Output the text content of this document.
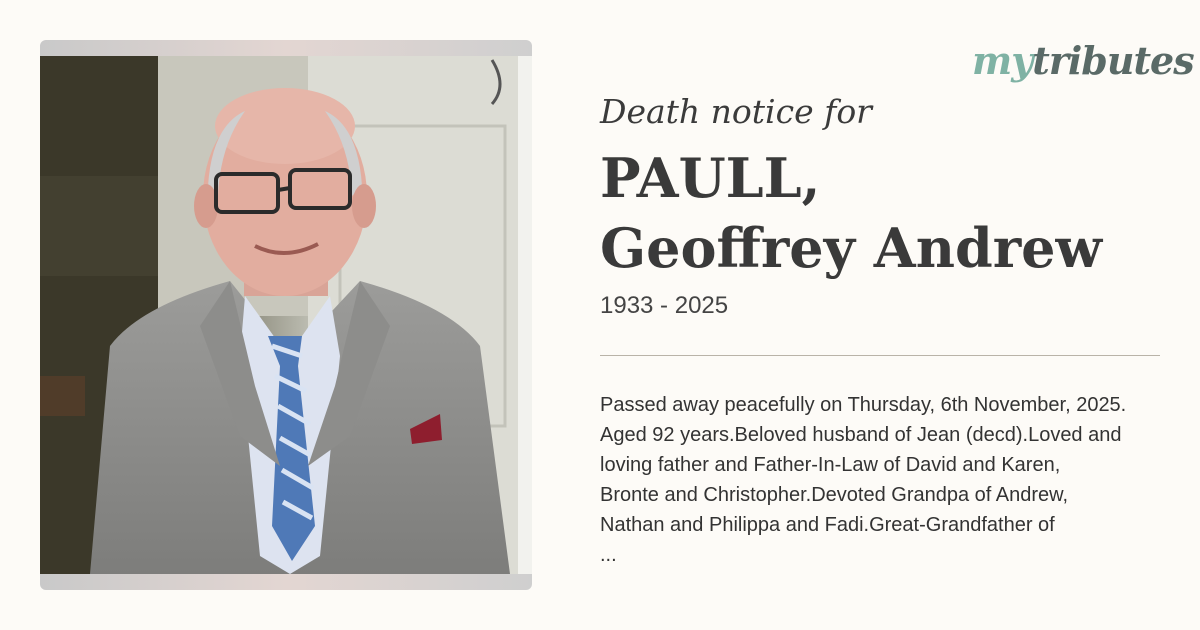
mytributes
Death notice for
PAULL,
Geoffrey Andrew
1933 - 2025
Passed away peacefully on Thursday, 6th November, 2025.
Aged 92 years.Beloved husband of Jean (decd).Loved and
loving father and Father-In-Law of David and Karen,
Bronte and Christopher.Devoted Grandpa of Andrew,
Nathan and Philippa and Fadi.Great-Grandfather of
...
